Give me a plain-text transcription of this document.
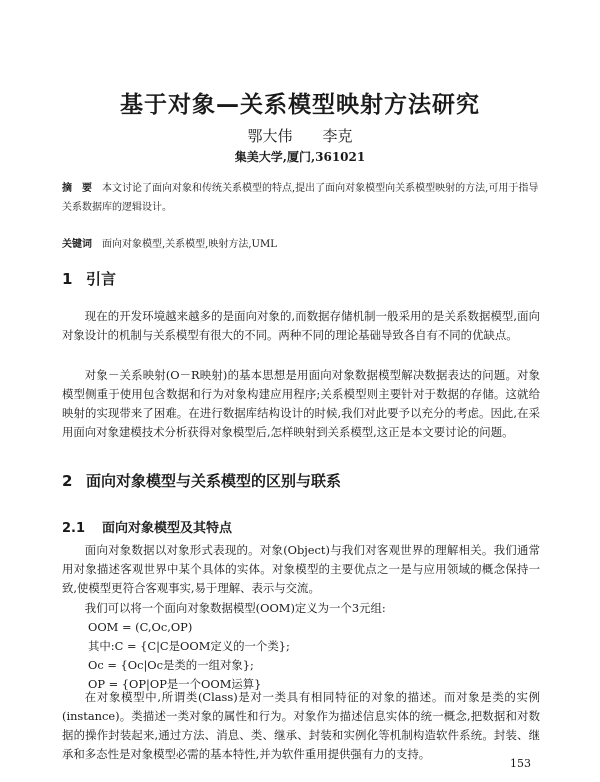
基于对象—关系模型映射方法研究
鄂大伟　　李克
集美大学,厦门,361021
摘　要 本文讨论了面向对象和传统关系模型的特点,提出了面向对象模型向关系模型映射的方法,可用于指导关系数据库的逻辑设计。
关键词 面向对象模型,关系模型,映射方法,UML
1 引言

现在的开发环境越来越多的是面向对象的,而数据存储机制一般采用的是关系数据模型,面向对象设计的机制与关系模型有很大的不同。两种不同的理论基础导致各自有不同的优缺点。

对象－关系映射(O－R映射)的基本思想是用面向对象数据模型解决数据表达的问题。对象模型侧重于使用包含数据和行为对象构建应用程序;关系模型则主要针对于数据的存储。这就给映射的实现带来了困难。在进行数据库结构设计的时候,我们对此要予以充分的考虑。因此,在采用面向对象建模技术分析获得对象模型后,怎样映射到关系模型,这正是本文要讨论的问题。

2 面向对象模型与关系模型的区别与联系
2.1 面向对象模型及其特点

面向对象数据以对象形式表现的。对象(Object)与我们对客观世界的理解相关。我们通常用对象描述客观世界中某个具体的实体。对象模型的主要优点之一是与应用领域的概念保持一致,使模型更符合客观事实,易于理解、表示与交流。

我们可以将一个面向对象数据模型(OOM)定义为一个3元组:

OOM = (C,Oc,OP)
其中:C = {C|C是OOM定义的一个类};
Oc = {Oc|Oc是类的一组对象};
OP = {OP|OP是一个OOM运算}

在对象模型中,所谓类(Class)是对一类具有相同特征的对象的描述。而对象是类的实例(instance)。类描述一类对象的属性和行为。对象作为描述信息实体的统一概念,把数据和对数据的操作封装起来,通过方法、消息、类、继承、封装和实例化等机制构造软件系统。封装、继承和多态性是对象模型必需的基本特性,并为软件重用提供强有力的支持。

153
